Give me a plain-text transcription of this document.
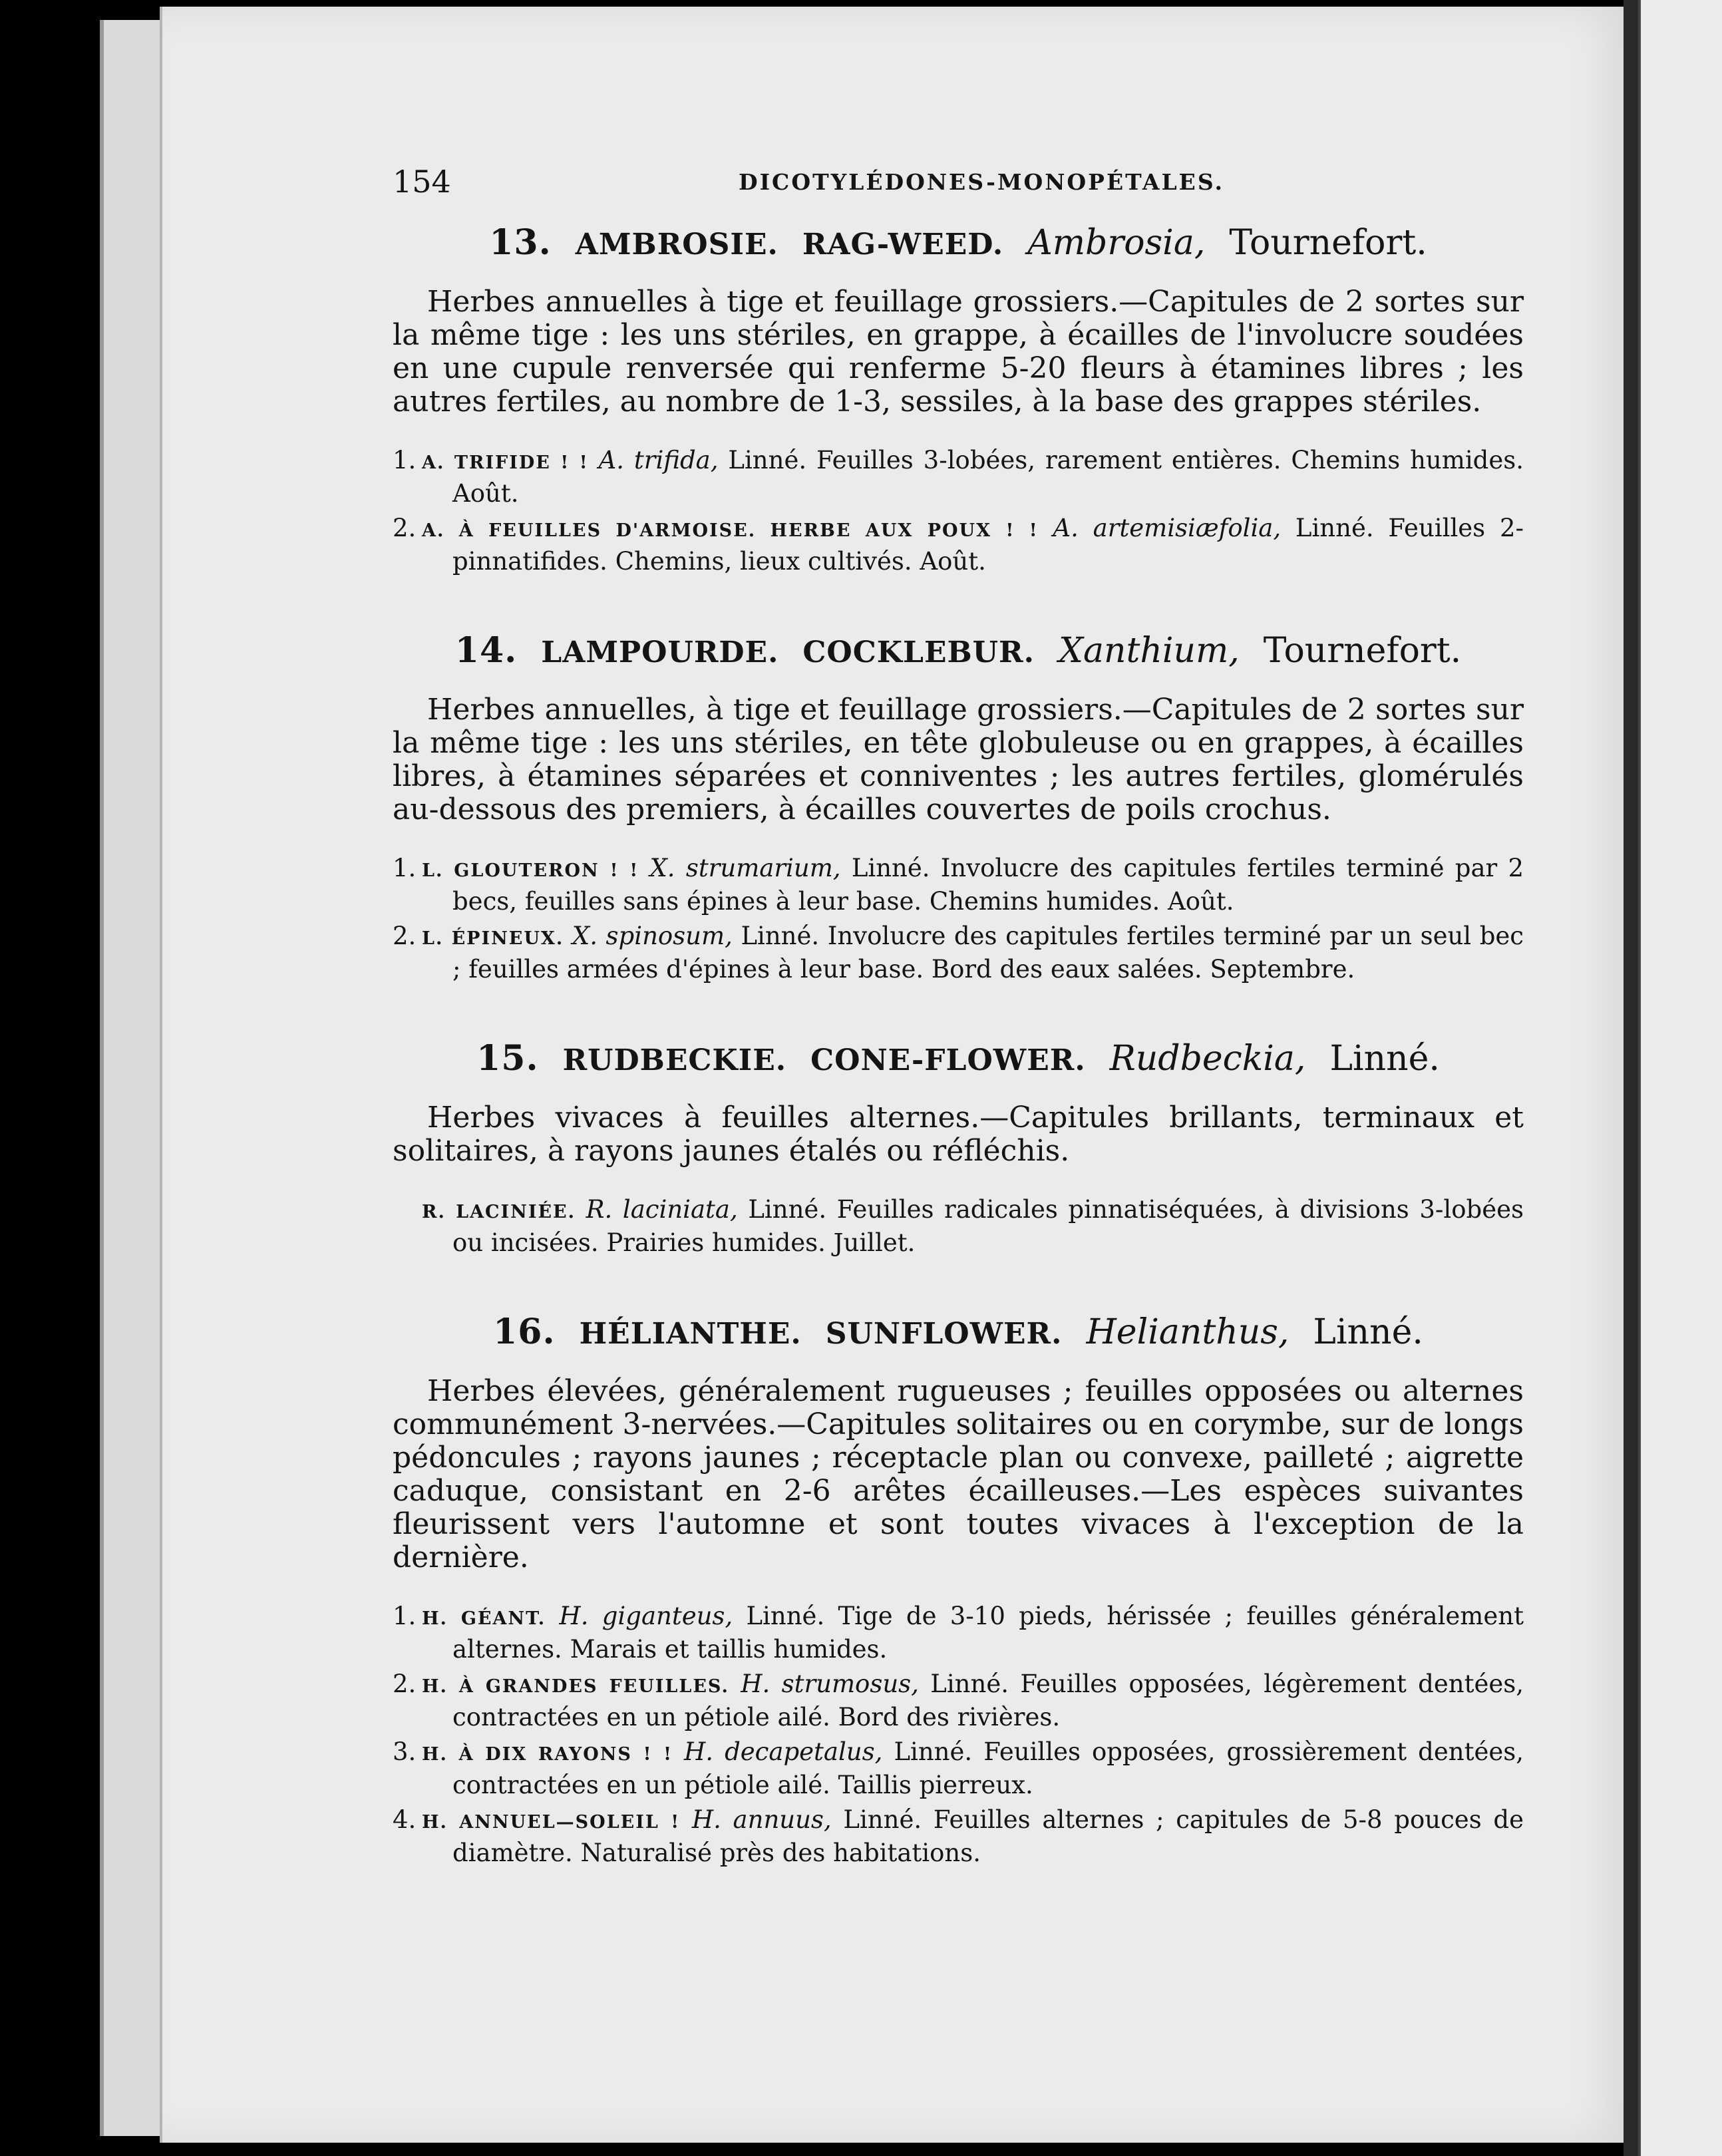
154	DICOTYLÉDONES-MONOPÉTALES.
13. AMBROSIE. RAG-WEED. Ambrosia, Tournefort.

Herbes annuelles à tige et feuillage grossiers.—Capitules de 2 sortes sur la même tige : les uns stériles, en grappe, à écailles de l'involucre soudées en une cupule renversée qui renferme 5-20 fleurs à étamines libres ; les autres fertiles, au nombre de 1-3, sessiles, à la base des grappes stériles.

1. A. TRIFIDE ! ! A. trifida, Linné. Feuilles 3-lobées, rarement entières. Chemins humides. Août.

2. A. À FEUILLES D'ARMOISE. HERBE AUX POUX ! ! A. artemisiæfolia, Linné. Feuilles 2-pinnatifides. Chemins, lieux cultivés. Août.

14. LAMPOURDE. COCKLEBUR. Xanthium, Tournefort.

Herbes annuelles, à tige et feuillage grossiers.—Capitules de 2 sortes sur la même tige : les uns stériles, en tête globuleuse ou en grappes, à écailles libres, à étamines séparées et conniventes ; les autres fertiles, glomérulés au-dessous des premiers, à écailles couvertes de poils crochus.

1. L. GLOUTERON ! ! X. strumarium, Linné. Involucre des capitules fertiles terminé par 2 becs, feuilles sans épines à leur base. Chemins humides. Août.

2. L. ÉPINEUX. X. spinosum, Linné. Involucre des capitules fertiles terminé par un seul bec ; feuilles armées d'épines à leur base. Bord des eaux salées. Septembre.

15. RUDBECKIE. CONE-FLOWER. Rudbeckia, Linné.

Herbes vivaces à feuilles alternes.—Capitules brillants, terminaux et solitaires, à rayons jaunes étalés ou réfléchis.

R. LACINIÉE. R. laciniata, Linné. Feuilles radicales pinnatiséquées, à divisions 3-lobées ou incisées. Prairies humides. Juillet.

16. HÉLIANTHE. SUNFLOWER. Helianthus, Linné.

Herbes élevées, généralement rugueuses ; feuilles opposées ou alternes communément 3-nervées.—Capitules solitaires ou en corymbe, sur de longs pédoncules ; rayons jaunes ; réceptacle plan ou convexe, pailleté ; aigrette caduque, consistant en 2-6 arêtes écailleuses.—Les espèces suivantes fleurissent vers l'automne et sont toutes vivaces à l'exception de la dernière.

1. H. GÉANT. H. giganteus, Linné. Tige de 3-10 pieds, hérissée ; feuilles généralement alternes. Marais et taillis humides.

2. H. À GRANDES FEUILLES. H. strumosus, Linné. Feuilles opposées, légèrement dentées, contractées en un pétiole ailé. Bord des rivières.

3. H. À DIX RAYONS ! ! H. decapetalus, Linné. Feuilles opposées, grossièrement dentées, contractées en un pétiole ailé. Taillis pierreux.

4. H. ANNUEL—SOLEIL ! H. annuus, Linné. Feuilles alternes ; capitules de 5-8 pouces de diamètre. Naturalisé près des habitations.
